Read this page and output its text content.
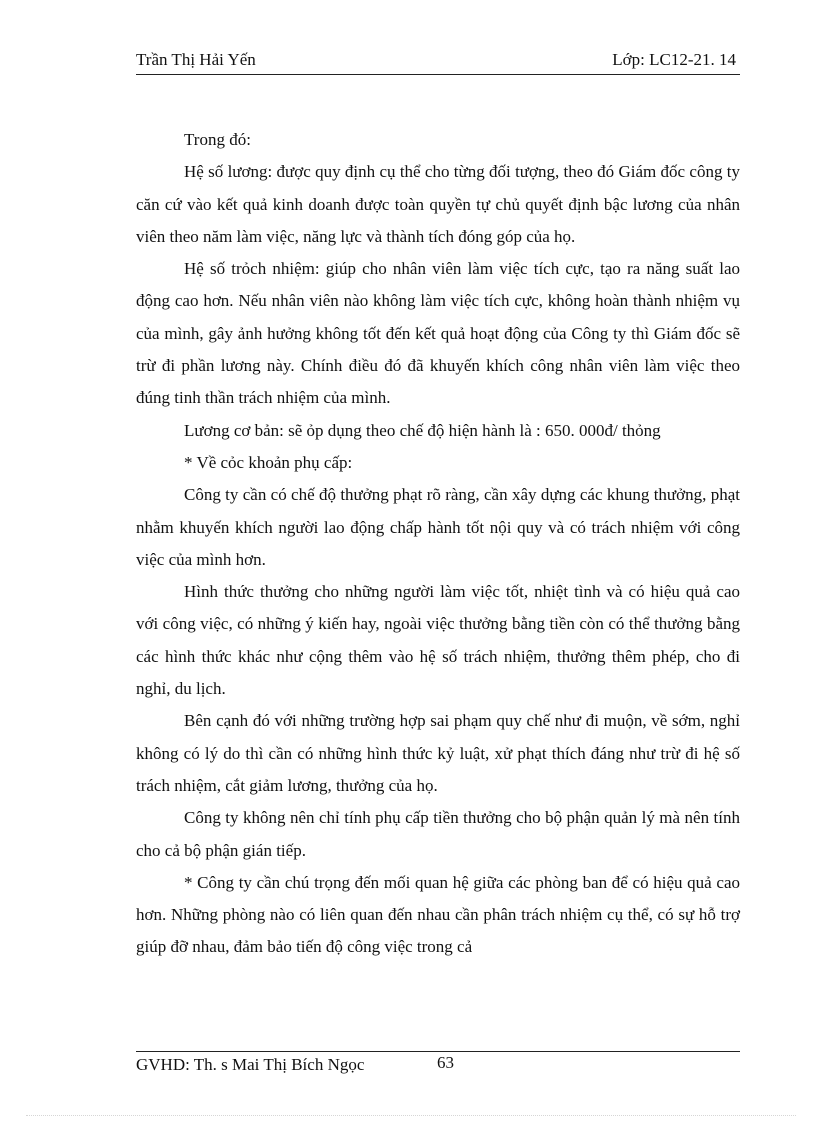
Trần Thị Hải Yến	Lớp: LC12-21. 14

Trong đó:

Hệ số lương: được quy định cụ thể cho từng đối tượng, theo đó Giám đốc công ty căn cứ vào kết quả kinh doanh được toàn quyền tự chủ quyết định bậc lương của nhân viên theo năm làm việc, năng lực và thành tích đóng góp của họ.

Hệ số trỏch nhiệm: giúp cho nhân viên làm việc tích cực, tạo ra năng suất lao động cao hơn. Nếu nhân viên nào không làm việc tích cực, không hoàn thành nhiệm vụ của mình, gây ảnh hưởng không tốt đến kết quả hoạt động của Công ty thì Giám đốc sẽ trừ đi phần lương này. Chính điều đó đã khuyến khích công nhân viên làm việc theo đúng tinh thần trách nhiệm của mình.

Lương cơ bản: sẽ ỏp dụng theo chế độ hiện hành là : 650. 000đ/ thỏng

* Về cỏc khoản phụ cấp:

Công ty cần có chế độ thưởng phạt rõ ràng, cần xây dựng các khung thưởng, phạt nhằm khuyến khích người lao động chấp hành tốt nội quy và có trách nhiệm với công việc của mình hơn.

Hình thức thưởng cho những người làm việc tốt, nhiệt tình và có hiệu quả cao với công việc, có những ý kiến hay, ngoài việc thưởng bằng tiền còn có thể thưởng bằng các hình thức khác như cộng thêm vào hệ số trách nhiệm, thưởng thêm phép, cho đi nghỉ, du lịch.

Bên cạnh đó với những trường hợp sai phạm quy chế như đi muộn, về sớm, nghỉ không có lý do thì cần có những hình thức kỷ luật, xử phạt thích đáng như trừ đi hệ số trách nhiệm, cắt giảm lương, thưởng của họ.

Công ty không nên chỉ tính phụ cấp tiền thưởng cho bộ phận quản lý mà nên tính cho cả bộ phận gián tiếp.

* Công ty cần chú trọng đến mối quan hệ giữa các phòng ban để có hiệu quả cao hơn. Những phòng nào có liên quan đến nhau cần phân trách nhiệm cụ thể, có sự hỗ trợ giúp đỡ nhau, đảm bảo tiến độ công việc trong cả

GVHD: Th. s Mai Thị Bích Ngọc	63
